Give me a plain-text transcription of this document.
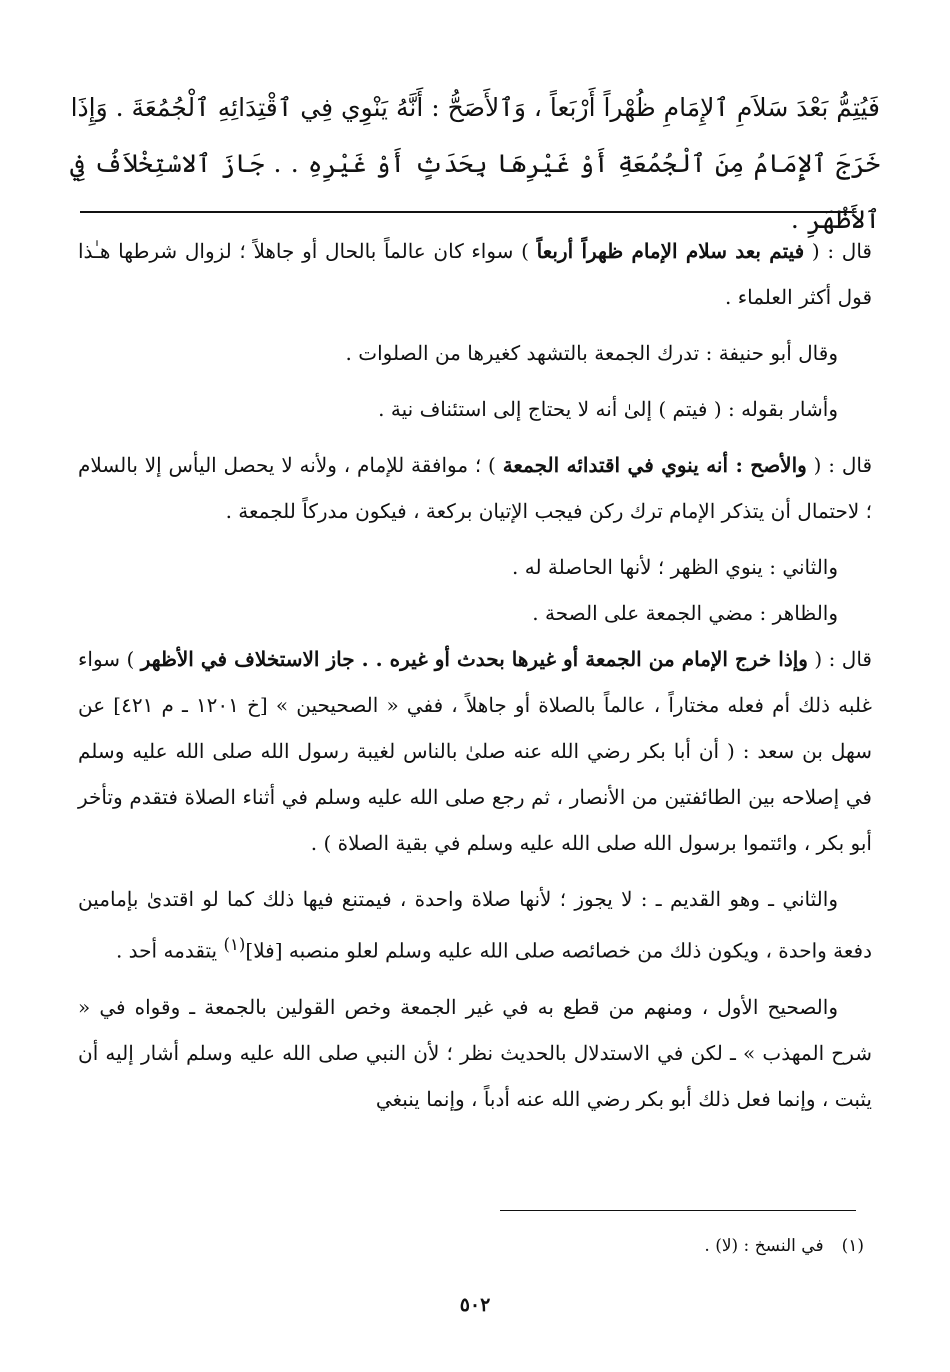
فَيُتِمُّ بَعْدَ سَلاَمِ ٱلإِمَامِ ظُهْراً أَرْبَعاً ، وَٱلأَصَحُّ : أَنَّهُ يَنْوِي فِي ٱقْتِدَائِهِ ٱلْجُمُعَةَ . وَإِذَا

خَرَجَ ٱلإِمَامُ مِنَ ٱلْجُمُعَةِ أَوْ غَيْرِهَا بِحَدَثٍ أَوْ غَيْرِهِ . . جَازَ ٱلاسْتِخْلاَفُ فِي ٱلأَظْهَرِ .

قال : ( فيتم بعد سلام الإمام ظهراً أربعاً ) سواء كان عالماً بالحال أو جاهلاً ؛ لزوال شرطها هـٰذا قول أكثر العلماء .

وقال أبو حنيفة : تدرك الجمعة بالتشهد كغيرها من الصلوات .

وأشار بقوله : ( فيتم ) إلىٰ أنه لا يحتاج إلى استئناف نية .

قال : ( والأصح : أنه ينوي في اقتدائه الجمعة ) ؛ موافقة للإمام ، ولأنه لا يحصل اليأس إلا بالسلام ؛ لاحتمال أن يتذكر الإمام ترك ركن فيجب الإتيان بركعة ، فيكون مدركاً للجمعة .

والثاني : ينوي الظهر ؛ لأنها الحاصلة له .

والظاهر : مضي الجمعة على الصحة .

قال : ( وإذا خرج الإمام من الجمعة أو غيرها بحدث أو غيره . . جاز الاستخلاف في الأظهر ) سواء غلبه ذلك أم فعله مختاراً ، عالماً بالصلاة أو جاهلاً ، ففي « الصحيحين » [خ ١٢٠١ ـ م ٤٢١] عن سهل بن سعد : ( أن أبا بكر رضي الله عنه صلىٰ بالناس لغيبة رسول الله صلى الله عليه وسلم في إصلاحه بين الطائفتين من الأنصار ، ثم رجع صلى الله عليه وسلم في أثناء الصلاة فتقدم وتأخر أبو بكر ، وائتموا برسول الله صلى الله عليه وسلم في بقية الصلاة ) .

والثاني ـ وهو القديم ـ : لا يجوز ؛ لأنها صلاة واحدة ، فيمتنع فيها ذلك كما لو اقتدىٰ بإمامين دفعة واحدة ، ويكون ذلك من خصائصه صلى الله عليه وسلم لعلو منصبه [فلا]$^{(١)}$ يتقدمه أحد .

والصحيح الأول ، ومنهم من قطع به في غير الجمعة وخص القولين بالجمعة ـ وقواه في « شرح المهذب » ـ لكن في الاستدلال بالحديث نظر ؛ لأن النبي صلى الله عليه وسلم أشار إليه أن يثبت ، وإنما فعل ذلك أبو بكر رضي الله عنه أدباً ، وإنما ينبغي

(١)في النسخ : (لا) .
٥٠٢
